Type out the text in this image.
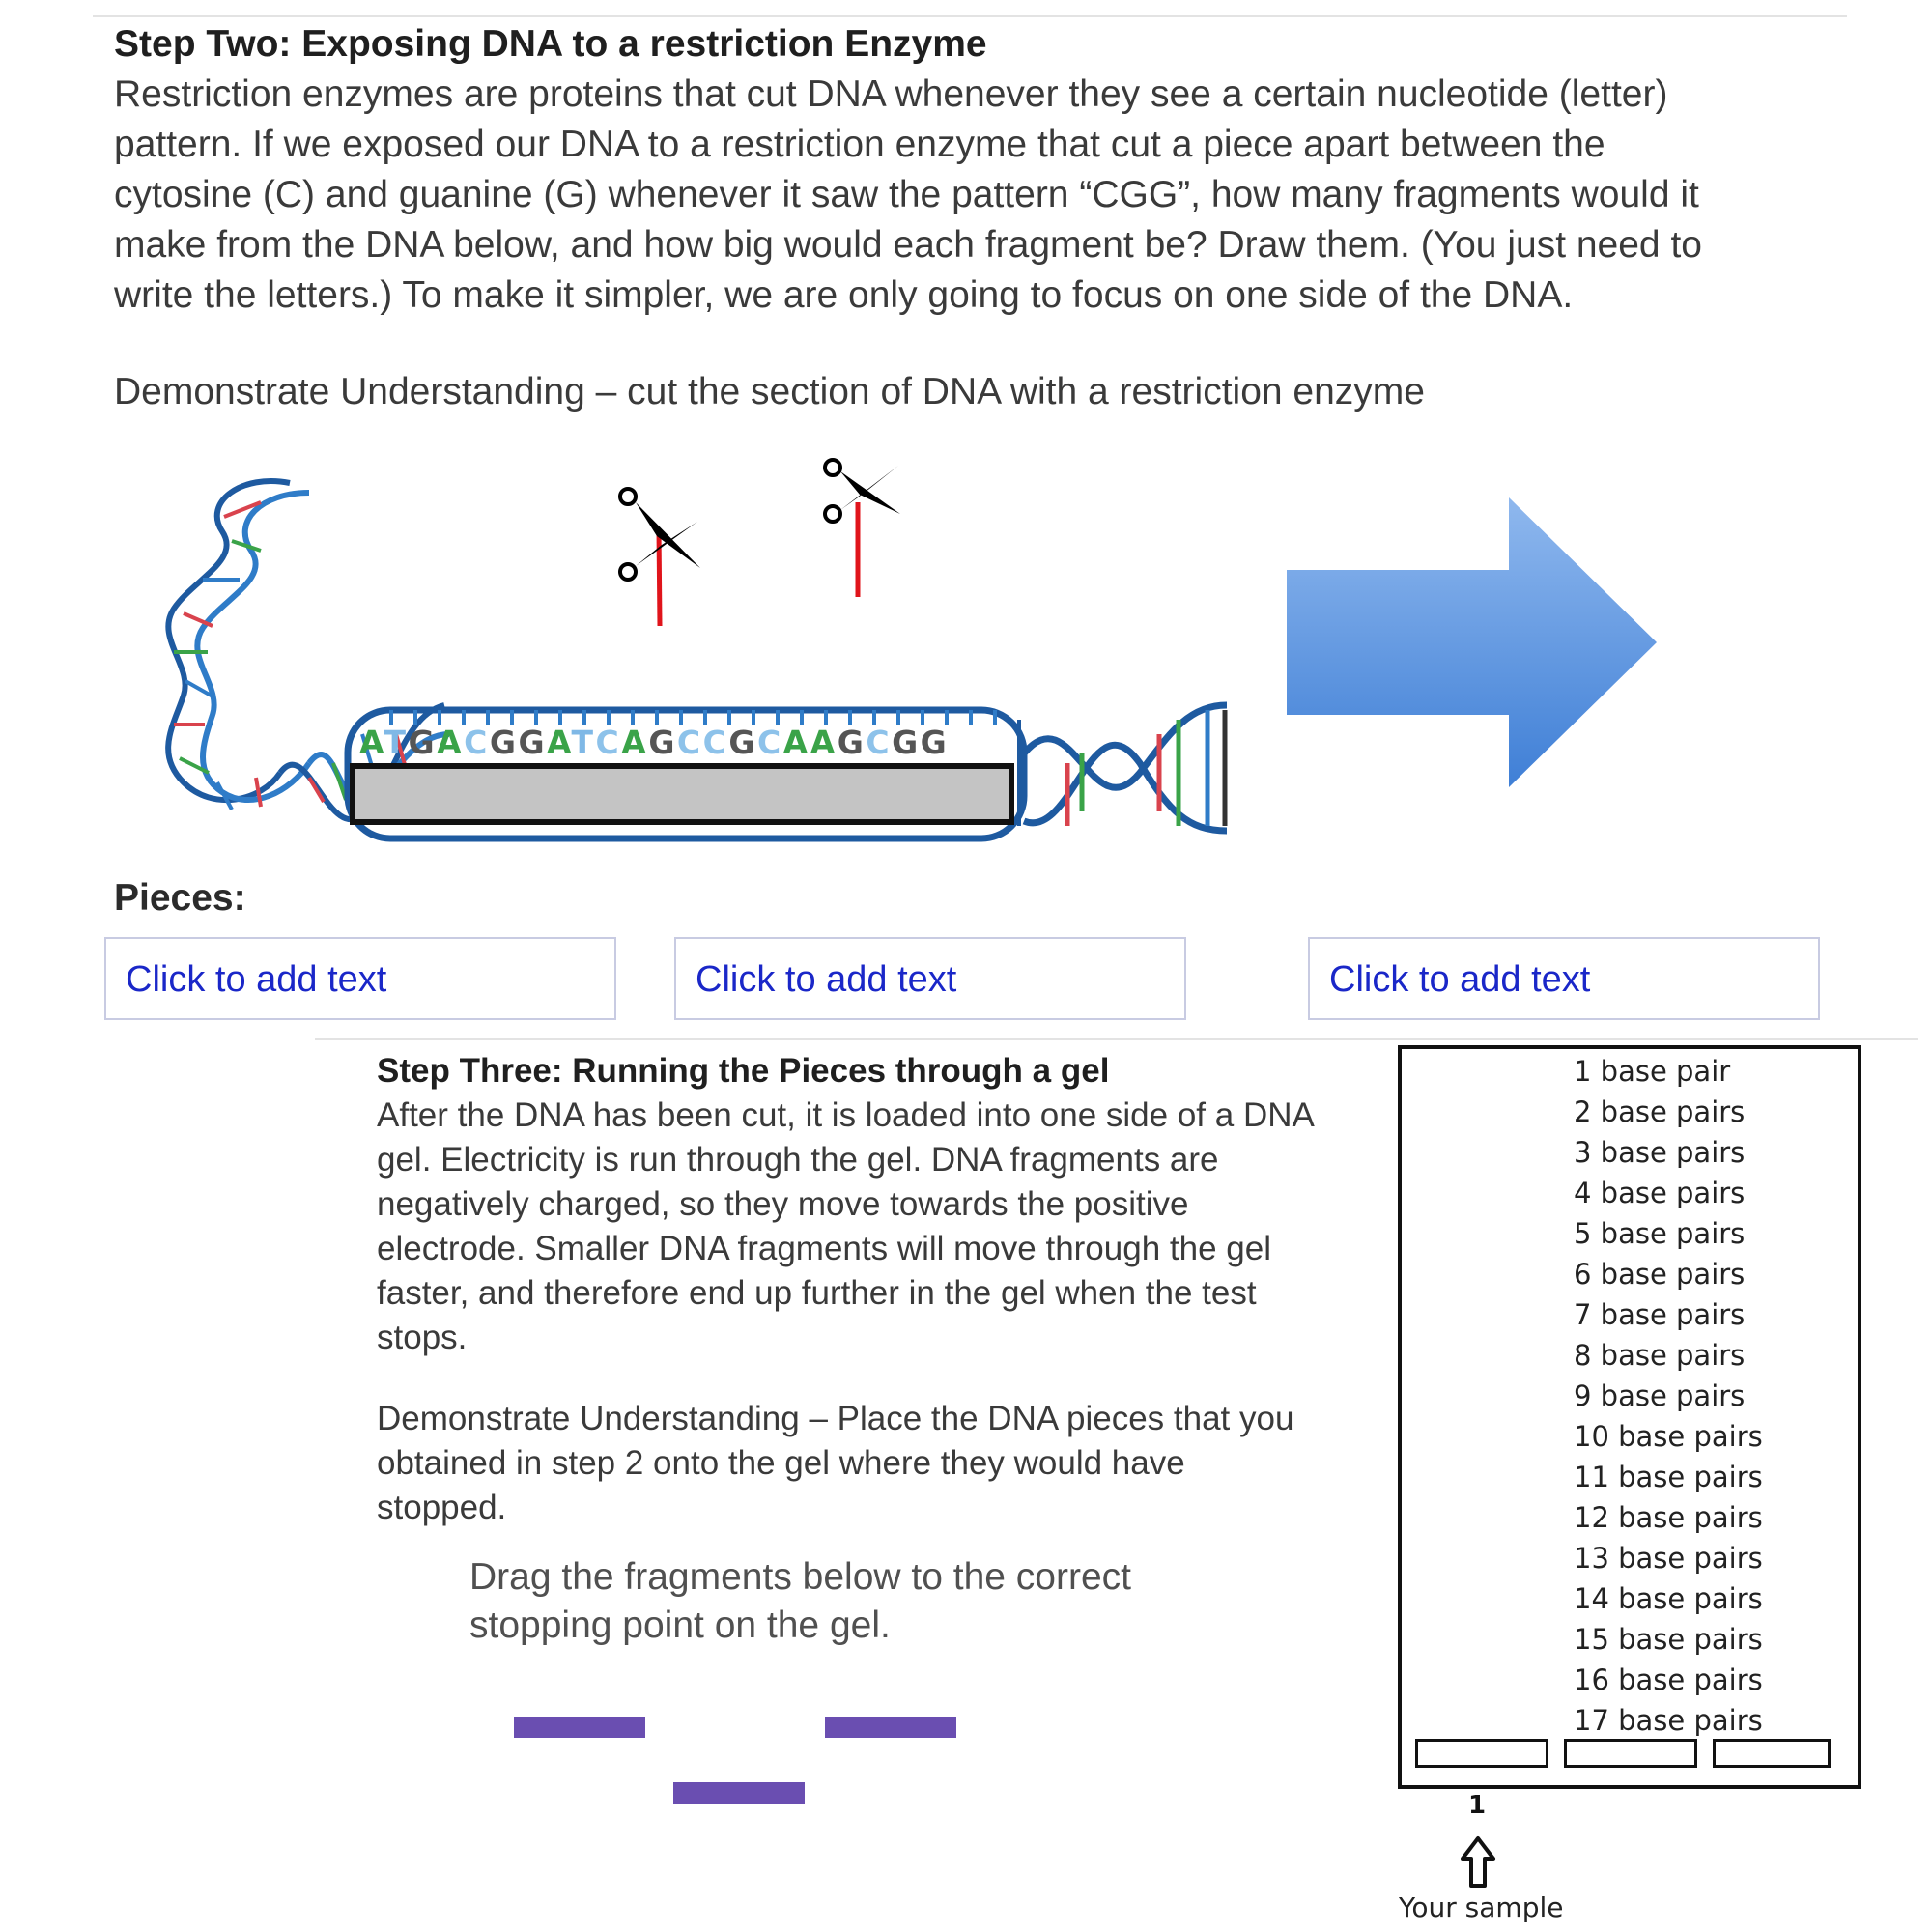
Step Two: Exposing DNA to a restriction Enzyme
Restriction enzymes are proteins that cut DNA whenever they see a certain nucleotide (letter)
pattern. If we exposed our DNA to a restriction enzyme that cut a piece apart between the
cytosine (C) and guanine (G) whenever it saw the pattern “CGG”, how many fragments would it
make from the DNA below, and how big would each fragment be? Draw them. (You just need to
write the letters.) To make it simpler, we are only going to focus on one side of the DNA.
Demonstrate Understanding – cut the section of DNA with a restriction enzyme
ATGACGGATCAGCCGCAAGCGG
Pieces:
Click to add text	Click to add text	Click to add text
Step Three: Running the Pieces through a gel
After the DNA has been cut, it is loaded into one side of a DNA
gel. Electricity is run through the gel. DNA fragments are
negatively charged, so they move towards the positive
electrode. Smaller DNA fragments will move through the gel
faster, and therefore end up further in the gel when the test
stops.
Demonstrate Understanding – Place the DNA pieces that you
obtained in step 2 onto the gel where they would have
stopped.
Drag the fragments below to the correct
stopping point on the gel.
1 base pair
2 base pairs
3 base pairs
4 base pairs
5 base pairs
6 base pairs
7 base pairs
8 base pairs
9 base pairs
10 base pairs
11 base pairs
12 base pairs
13 base pairs
14 base pairs
15 base pairs
16 base pairs
17 base pairs
1
Your sample
